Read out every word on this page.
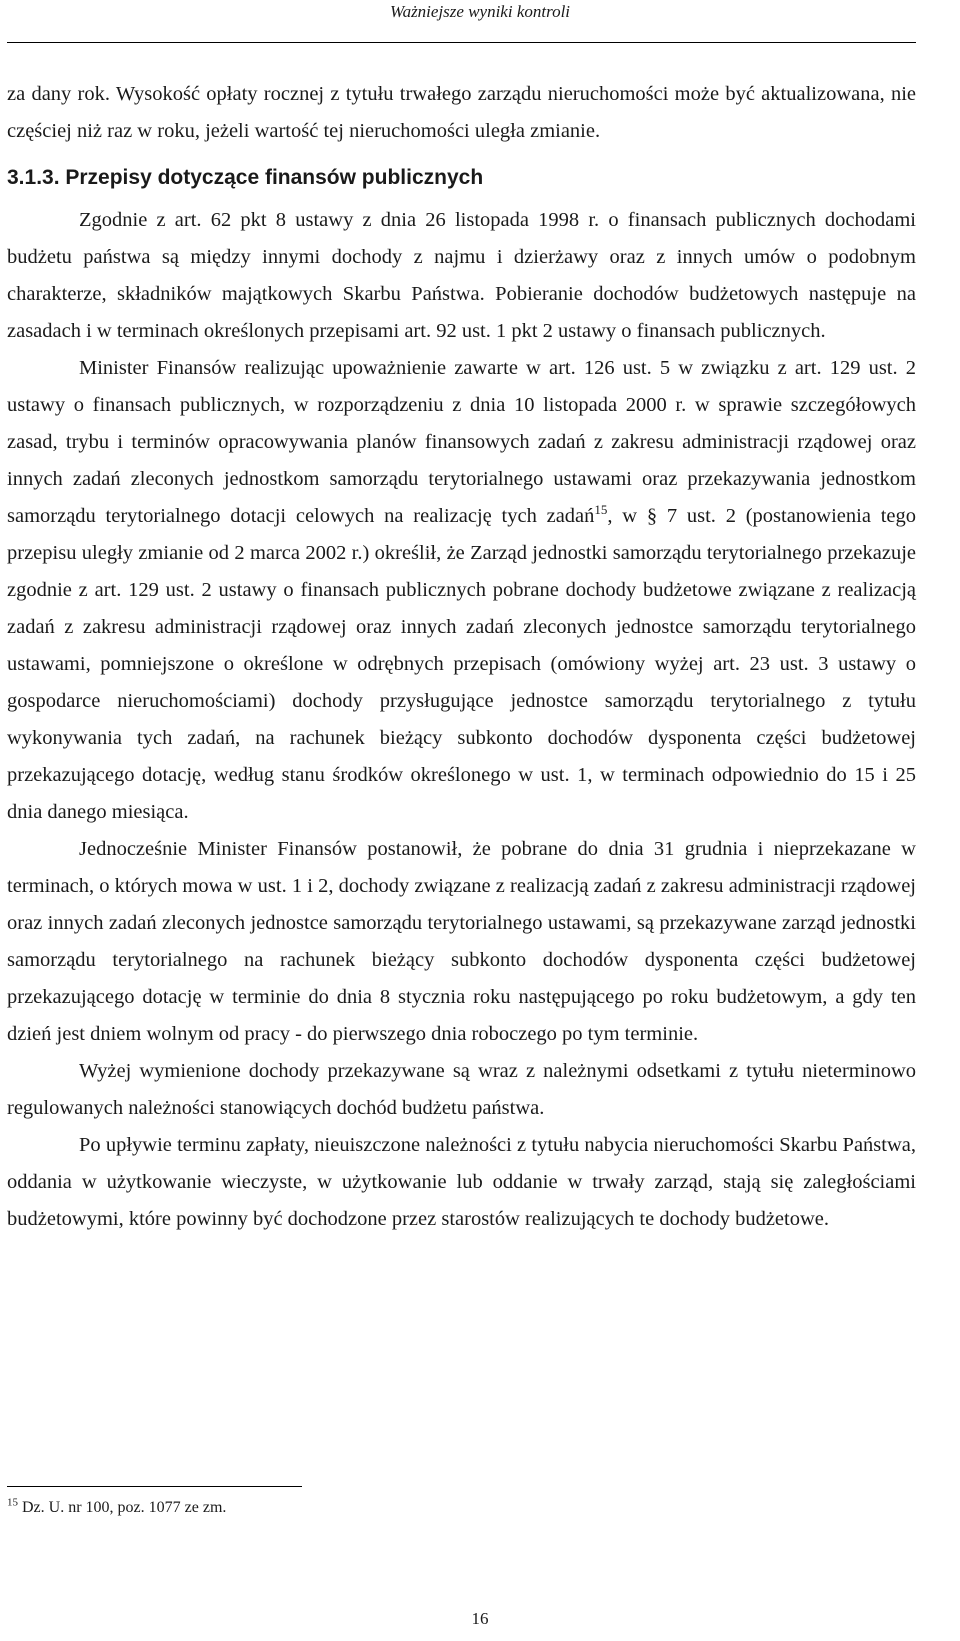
Ważniejsze wyniki kontroli

za dany rok. Wysokość opłaty rocznej z tytułu trwałego zarządu nieruchomości może być aktualizowana, nie częściej niż raz w roku, jeżeli wartość tej nieruchomości uległa zmianie.

3.1.3. Przepisy dotyczące finansów publicznych

Zgodnie z art. 62 pkt 8 ustawy z dnia 26 listopada 1998 r. o finansach publicznych dochodami budżetu państwa są między innymi dochody z najmu i dzierżawy oraz z innych umów o podobnym charakterze, składników majątkowych Skarbu Państwa. Pobieranie dochodów budżetowych następuje na zasadach i w terminach określonych przepisami art. 92 ust. 1 pkt 2 ustawy o finansach publicznych.

Minister Finansów realizując upoważnienie zawarte w art. 126 ust. 5 w związku z art. 129 ust. 2 ustawy o finansach publicznych, w rozporządzeniu z dnia 10 listopada 2000 r. w sprawie szczegółowych zasad, trybu i terminów opracowywania planów finansowych zadań z zakresu administracji rządowej oraz innych zadań zleconych jednostkom samorządu terytorialnego ustawami oraz przekazywania jednostkom samorządu terytorialnego dotacji celowych na realizację tych zadań$^{15}$, w § 7 ust. 2 (postanowienia tego przepisu uległy zmianie od 2 marca 2002 r.) określił, że Zarząd jednostki samorządu terytorialnego przekazuje zgodnie z art. 129 ust. 2 ustawy o finansach publicznych pobrane dochody budżetowe związane z realizacją zadań z zakresu administracji rządowej oraz innych zadań zleconych jednostce samorządu terytorialnego ustawami, pomniejszone o określone w odrębnych przepisach (omówiony wyżej art. 23 ust. 3 ustawy o gospodarce nieruchomościami) dochody przysługujące jednostce samorządu terytorialnego z tytułu wykonywania tych zadań, na rachunek bieżący subkonto dochodów dysponenta części budżetowej przekazującego dotację, według stanu środków określonego w ust. 1, w terminach odpowiednio do 15 i 25 dnia danego miesiąca.

Jednocześnie Minister Finansów postanowił, że pobrane do dnia 31 grudnia i nieprzekazane w terminach, o których mowa w ust. 1 i 2, dochody związane z realizacją zadań z zakresu administracji rządowej oraz innych zadań zleconych jednostce samorządu terytorialnego ustawami, są przekazywane zarząd jednostki samorządu terytorialnego na rachunek bieżący subkonto dochodów dysponenta części budżetowej przekazującego dotację w terminie do dnia 8 stycznia roku następującego po roku budżetowym, a gdy ten dzień jest dniem wolnym od pracy - do pierwszego dnia roboczego po tym terminie.

Wyżej wymienione dochody przekazywane są wraz z należnymi odsetkami z tytułu nieterminowo regulowanych należności stanowiących dochód budżetu państwa.

Po upływie terminu zapłaty, nieuiszczone należności z tytułu nabycia nieruchomości Skarbu Państwa, oddania w użytkowanie wieczyste, w użytkowanie lub oddanie w trwały zarząd, stają się zaległościami budżetowymi, które powinny być dochodzone przez starostów realizujących te dochody budżetowe.

$^{15}$ Dz. U. nr 100, poz. 1077 ze zm.
16
